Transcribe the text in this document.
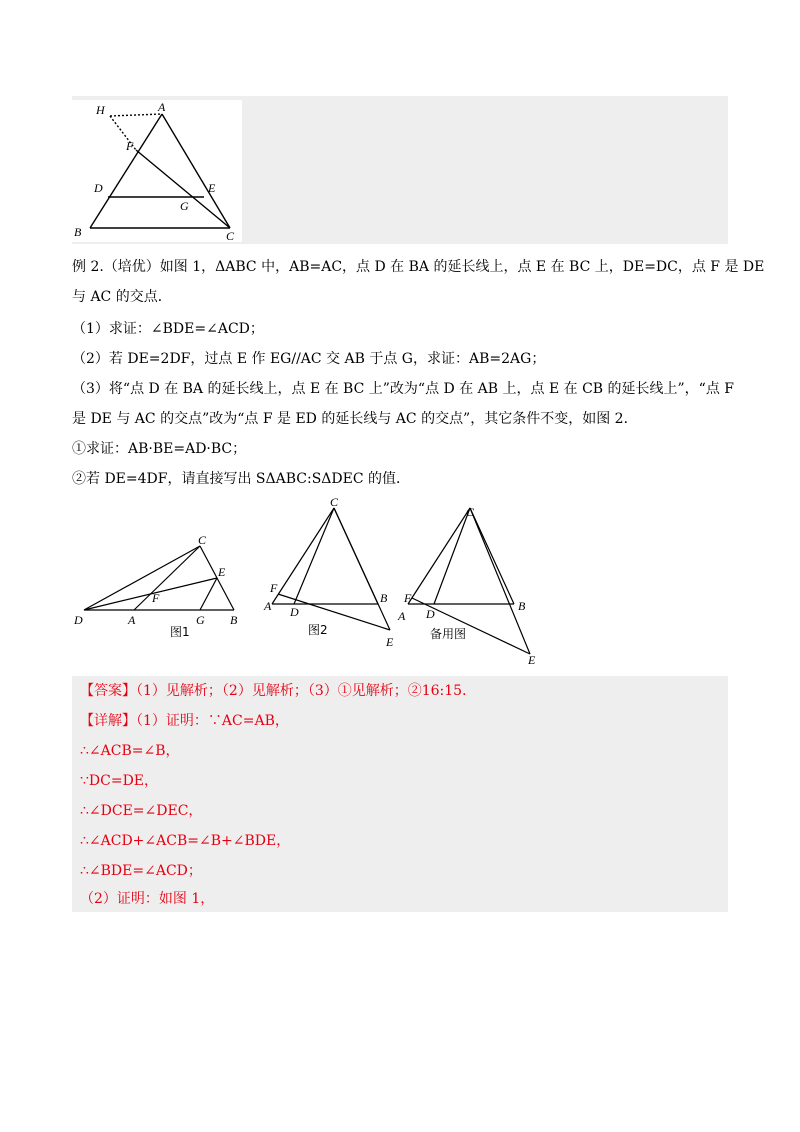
H	A
F
D	E
G
B	C
例 2.（培优）如图 1，ΔABC 中，AB=AC，点 D 在 BA 的延长线上，点 E 在 BC 上，DE=DC，点 F 是 DE
与 AC 的交点．
（1）求证：∠BDE=∠ACD；
（2）若 DE=2DF，过点 E 作 EG//AC 交 AB 于点 G，求证：AB=2AG；
（3）将“点 D 在 BA 的延长线上，点 E 在 BC 上”改为“点 D 在 AB 上，点 E 在 CB 的延长线上”，“点 F
是 DE 与 AC 的交点”改为“点 F 是 ED 的延长线与 AC 的交点”，其它条件不变，如图 2．
①求证：AB·BE=AD·BC；
②若 DE=4DF，请直接写出 SΔABC:SΔDEC 的值．
C
E
F
D	A	G B
图1
C
F
A D
B
E
图2
C
F
A D
B
E
备用图
【答案】（1）见解析；（2）见解析；（3）①见解析；②16:15．
【详解】（1）证明：∵AC=AB，
∴∠ACB=∠B，
∵DC=DE，
∴∠DCE=∠DEC，
∴∠ACD+∠ACB=∠B+∠BDE，
∴∠BDE=∠ACD；
（2）证明：如图 1，
